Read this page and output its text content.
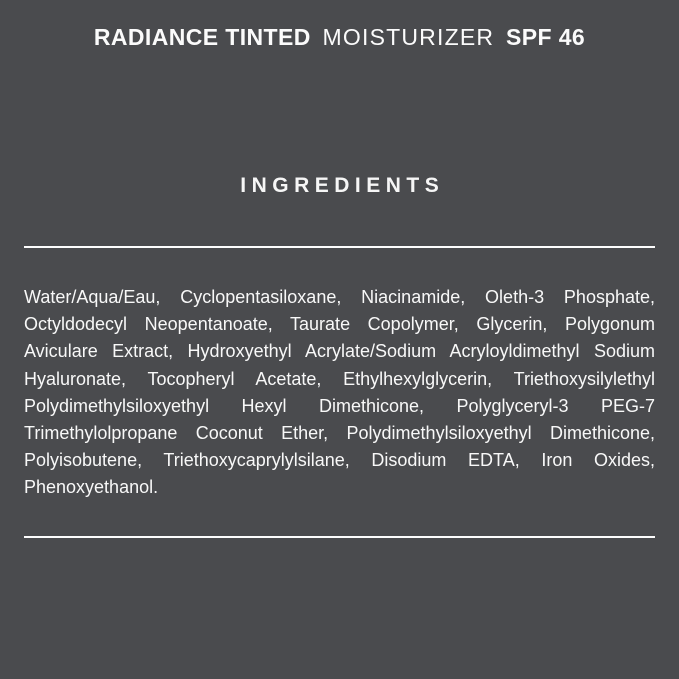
RADIANCE TINTED MOISTURIZER SPF 46
INGREDIENTS
Water/Aqua/Eau, Cyclopentasiloxane, Niacinamide, Oleth-3 Phosphate,
Octyldodecyl Neopentanoate, Taurate Copolymer, Glycerin, Polygonum
Aviculare Extract, Hydroxyethyl Acrylate/Sodium Acryloyldimethyl Sodium
Hyaluronate, Tocopheryl Acetate, Ethylhexylglycerin, Triethoxysilylethyl
Polydimethylsiloxyethyl Hexyl Dimethicone, Polyglyceryl-3 PEG-7
Trimethylolpropane Coconut Ether, Polydimethylsiloxyethyl Dimethicone,
Polyisobutene, Triethoxycaprylylsilane, Disodium EDTA, Iron Oxides,
Phenoxyethanol.
